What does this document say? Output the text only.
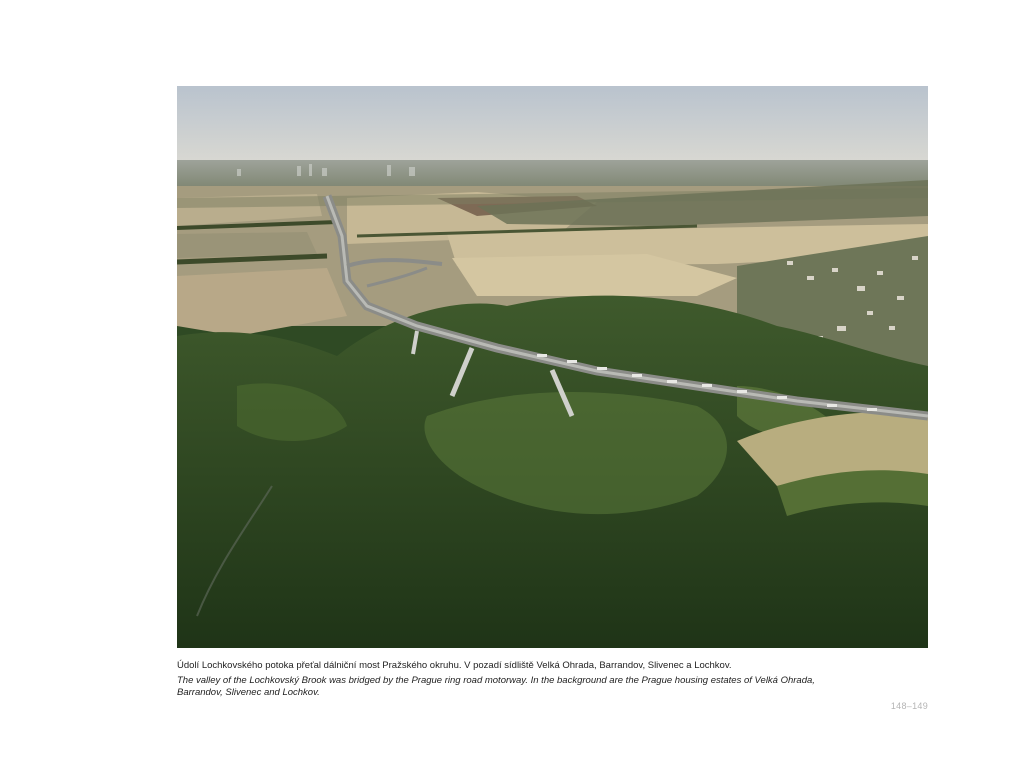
Údolí Lochkovského potoka přeťal dálniční most Pražského okruhu. V pozadí sídliště Velká Ohrada, Barrandov, Slivenec a Lochkov.
The valley of the Lochkovský Brook was bridged by the Prague ring road motorway. In the background are the Prague housing estates of Velká Ohrada, Barrandov, Slivenec and Lochkov.
148–149
